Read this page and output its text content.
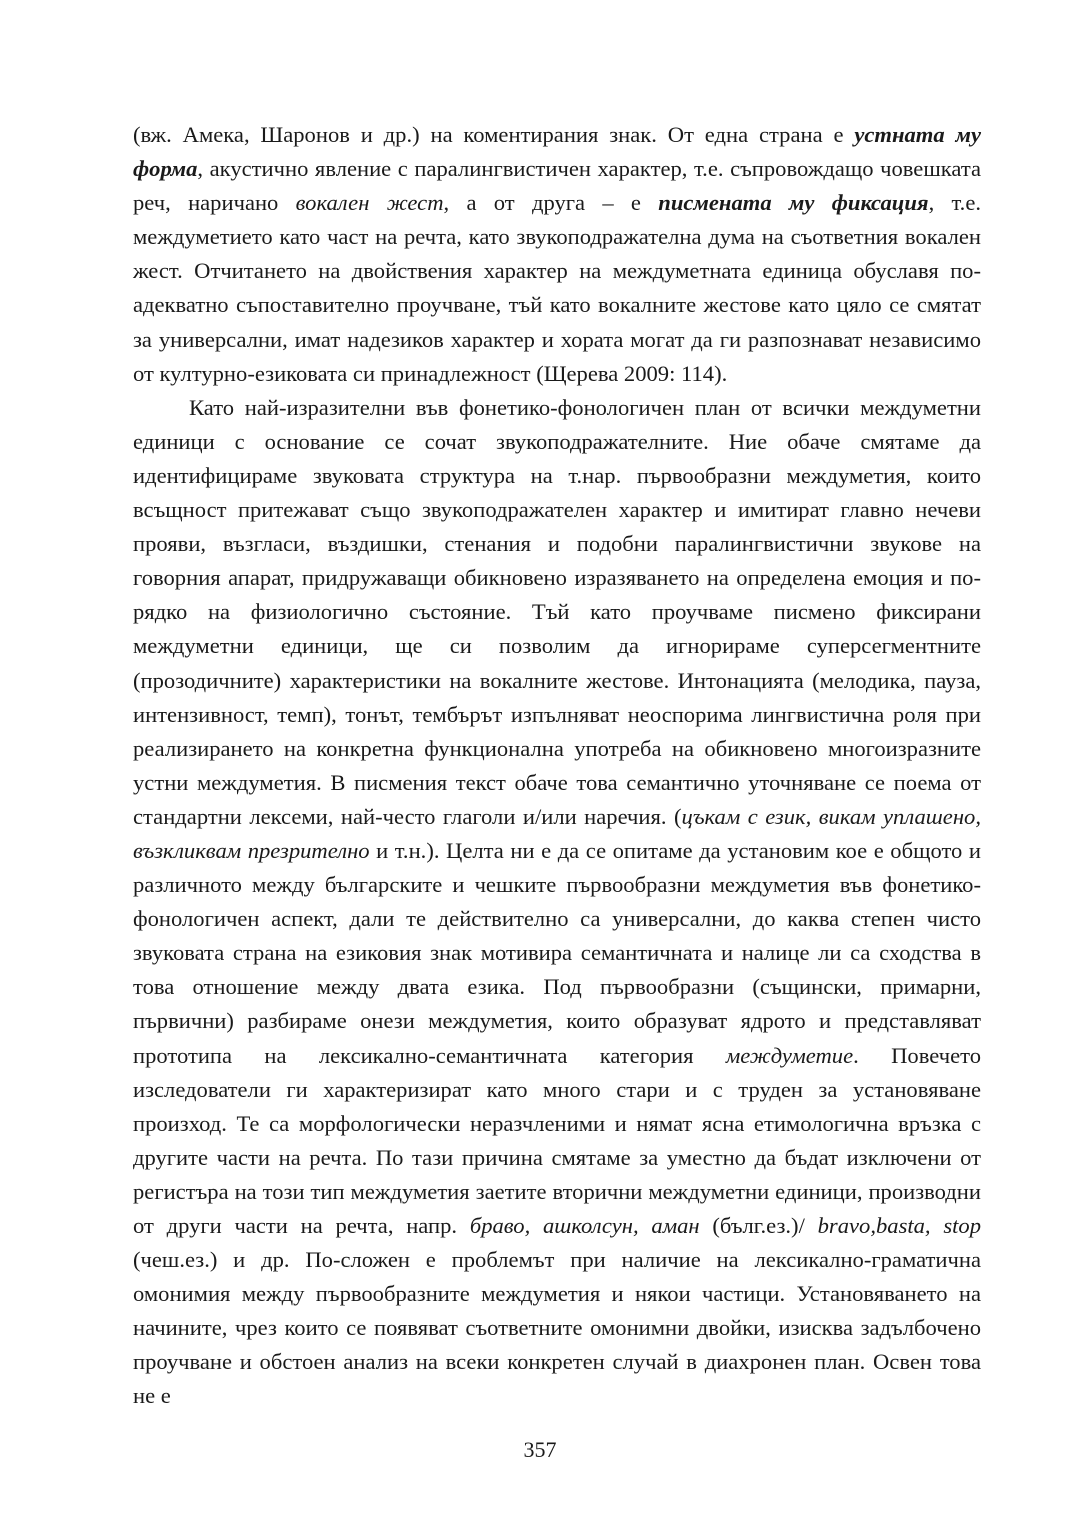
(вж. Амека, Шаронов и др.) на коментирания знак. От една страна е устната му форма, акустично явление с паралингвистичен характер, т.е. съпровождащо човешката реч, наричано вокален жест, а от друга – е писмената му фиксация, т.е. междуметието като част на речта, като звукоподражателна дума на съответния вокален жест. Отчитането на двойствения характер на междуметната единица обуславя по-адекватно съпоставително проучване, тъй като вокалните жестове като цяло се смятат за универсални, имат надезиков характер и хората могат да ги разпознават независимо от културно-езиковата си принадлежност (Щерева 2009: 114).

Като най-изразителни във фонетико-фонологичен план от всички междуметни единици с основание се сочат звукоподражателните. Ние обаче смятаме да идентифицираме звуковата структура на т.нар. първообразни междуметия, които всъщност притежават също звукоподражателен характер и имитират главно нечеви прояви, възгласи, въздишки, стенания и подобни паралингвистични звукове на говорния апарат, придружаващи обикновено изразяването на определена емоция и по-рядко на физиологично състояние. Тъй като проучваме писмено фиксирани междуметни единици, ще си позволим да игнорираме суперсегментните (прозодичните) характеристики на вокалните жестове. Интонацията (мелодика, пауза, интензивност, темп), тонът, тембърът изпълняват неоспорима лингвистична роля при реализирането на конкретна функционална употреба на обикновено многоизразните устни междуметия. В писмения текст обаче това семантично уточняване се поема от стандартни лексеми, най-често глаголи и/или наречия. (цъкам с език, викам уплашено, възкликвам презрително и т.н.). Целта ни е да се опитаме да установим кое е общото и различното между българските и чешките първообразни междуметия във фонетико-фонологичен аспект, дали те действително са универсални, до каква степен чисто звуковата страна на езиковия знак мотивира семантичната и налице ли са сходства в това отношение между двата езика. Под първообразни (същински, примарни, първични) разбираме онези междуметия, които образуват ядрото и представляват прототипа на лексикално-семантичната категория междуметие. Повечето изследователи ги характеризират като много стари и с труден за установяване произход. Те са морфологически неразчленими и нямат ясна етимологична връзка с другите части на речта. По тази причина смятаме за уместно да бъдат изключени от регистъра на този тип междуметия заетите вторични междуметни единици, производни от други части на речта, напр. браво, ашколсун, аман (бълг.ез.)/ bravo,basta, stop (чеш.ез.) и др. По-сложен е проблемът при наличие на лексикално-граматична омонимия между първообразните междуметия и някои частици. Установяването на начините, чрез които се появяват съответните омонимни двойки, изисква задълбочено проучване и обстоен анализ на всеки конкретен случай в диахронен план. Освен това не е

357
